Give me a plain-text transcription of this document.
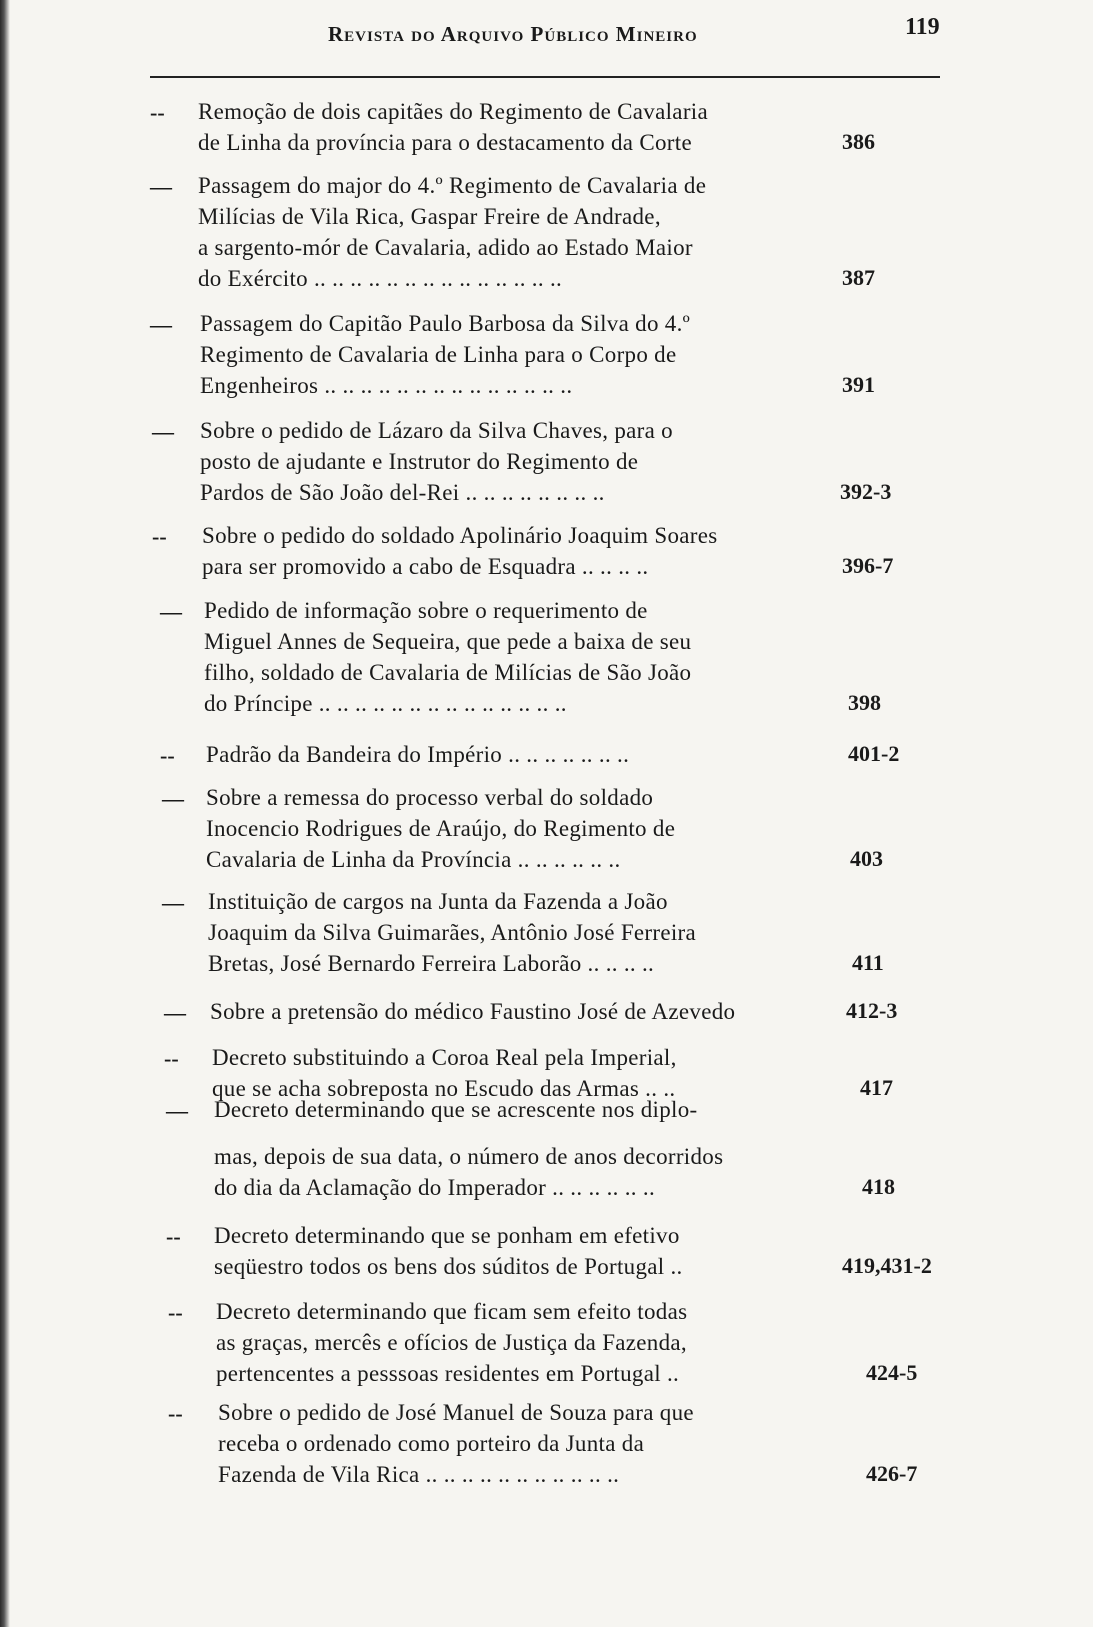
Revista do Arquivo Público Mineiro	119
-- Remoção de dois capitães do Regimento de Cavalaria
de Linha da província para o destacamento da Corte	386
— Passagem do major do 4.º Regimento de Cavalaria de
Milícias de Vila Rica, Gaspar Freire de Andrade,
a sargento-mór de Cavalaria, adido ao Estado Maior
do Exército .. .. .. .. .. .. .. .. .. .. .. .. .. ..	387
— Passagem do Capitão Paulo Barbosa da Silva do 4.º
Regimento de Cavalaria de Linha para o Corpo de
Engenheiros .. .. .. .. .. .. .. .. .. .. .. .. .. ..	391
— Sobre o pedido de Lázaro da Silva Chaves, para o
posto de ajudante e Instrutor do Regimento de
Pardos de São João del-Rei .. .. .. .. .. .. .. ..	392-3
-- Sobre o pedido do soldado Apolinário Joaquim Soares
para ser promovido a cabo de Esquadra .. .. .. ..	396-7
— Pedido de informação sobre o requerimento de
Miguel Annes de Sequeira, que pede a baixa de seu
filho, soldado de Cavalaria de Milícias de São João
do Príncipe .. .. .. .. .. .. .. .. .. .. .. .. .. ..	398
-- Padrão da Bandeira do Império .. .. .. .. .. .. ..	401-2
— Sobre a remessa do processo verbal do soldado
Inocencio Rodrigues de Araújo, do Regimento de
Cavalaria de Linha da Província .. .. .. .. .. ..	403
— Instituição de cargos na Junta da Fazenda a João
Joaquim da Silva Guimarães, Antônio José Ferreira
Bretas, José Bernardo Ferreira Laborão .. .. .. ..	411
— Sobre a pretensão do médico Faustino José de Azevedo	412-3
-- Decreto substituindo a Coroa Real pela Imperial,
que se acha sobreposta no Escudo das Armas .. ..	417
— Decreto determinando que se acrescente nos diplo-
mas, depois de sua data, o número de anos decorridos
do dia da Aclamação do Imperador .. .. .. .. .. ..	418
-- Decreto determinando que se ponham em efetivo
seqüestro todos os bens dos súditos de Portugal ..	419,431-2
-- Decreto determinando que ficam sem efeito todas
as graças, mercês e ofícios de Justiça da Fazenda,
pertencentes a pesssoas residentes em Portugal ..	424-5
-- Sobre o pedido de José Manuel de Souza para que
receba o ordenado como porteiro da Junta da
Fazenda de Vila Rica .. .. .. .. .. .. .. .. .. .. ..	426-7
